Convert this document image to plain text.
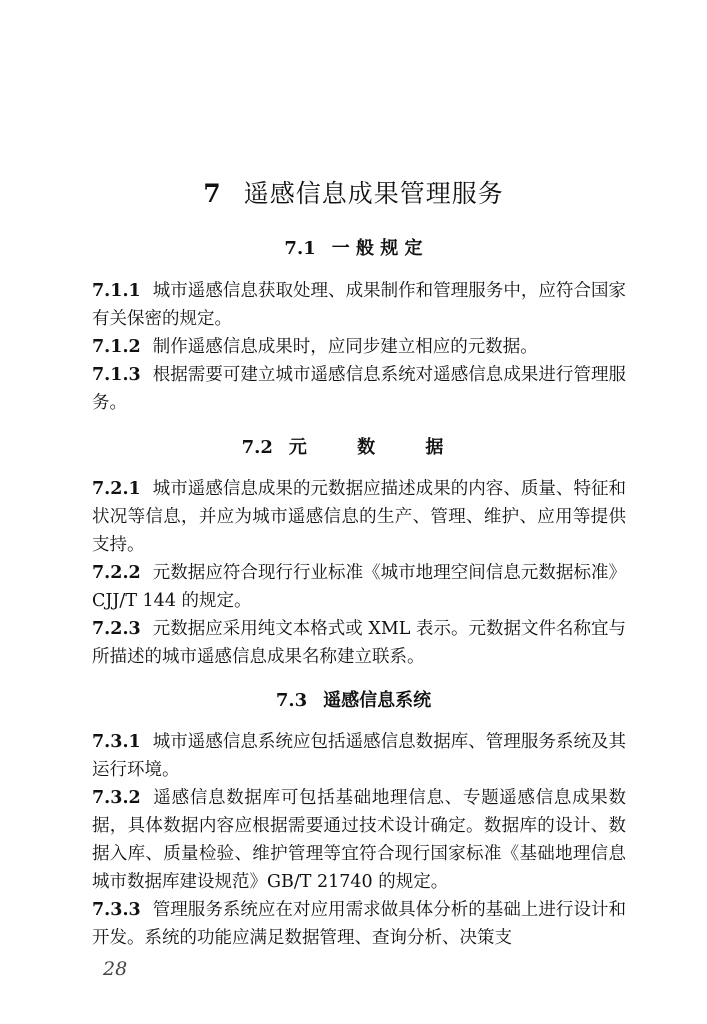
7 遥感信息成果管理服务
7.1 一 般 规 定
7.1.1 城市遥感信息获取处理、成果制作和管理服务中，应符合国家有关保密的规定。
7.1.2 制作遥感信息成果时，应同步建立相应的元数据。
7.1.3 根据需要可建立城市遥感信息系统对遥感信息成果进行管理服务。
7.2 元 数 据
7.2.1 城市遥感信息成果的元数据应描述成果的内容、质量、特征和状况等信息，并应为城市遥感信息的生产、管理、维护、应用等提供支持。
7.2.2 元数据应符合现行行业标准《城市地理空间信息元数据标准》CJJ/T 144 的规定。
7.2.3 元数据应采用纯文本格式或 XML 表示。元数据文件名称宜与所描述的城市遥感信息成果名称建立联系。
7.3 遥感信息系统
7.3.1 城市遥感信息系统应包括遥感信息数据库、管理服务系统及其运行环境。
7.3.2 遥感信息数据库可包括基础地理信息、专题遥感信息成果数据，具体数据内容应根据需要通过技术设计确定。数据库的设计、数据入库、质量检验、维护管理等宜符合现行国家标准《基础地理信息城市数据库建设规范》GB/T 21740 的规定。
7.3.3 管理服务系统应在对应用需求做具体分析的基础上进行设计和开发。系统的功能应满足数据管理、查询分析、决策支
28
